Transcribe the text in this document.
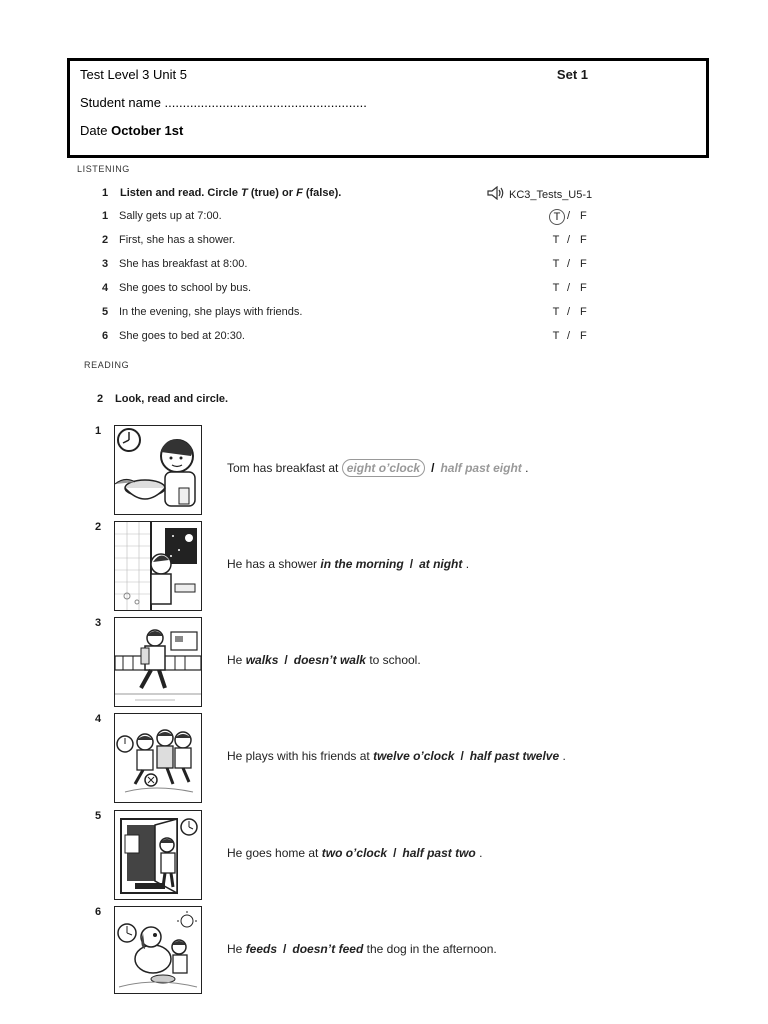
Test Level 3 Unit 5	Set 1
Student name ........................................................
Date October 1st
LISTENING
1 Listen and read. Circle T (true) or F (false).	KC3_Tests_U5-1
1 Sally gets up at 7:00.	T / F
2 First, she has a shower.	T / F
3 She has breakfast at 8:00.	T / F
4 She goes to school by bus.	T / F
5 In the evening, she plays with friends.	T / F
6 She goes to bed at 20:30.	T / F
READING
2 Look, read and circle.
1
Tom has breakfast at eight o’clock / half past eight .
2
He has a shower in the morning / at night .
3
He walks / doesn’t walk to school.
4
He plays with his friends at twelve o’clock / half past twelve .
5
He goes home at two o’clock / half past two .
6
He feeds / doesn’t feed the dog in the afternoon.
